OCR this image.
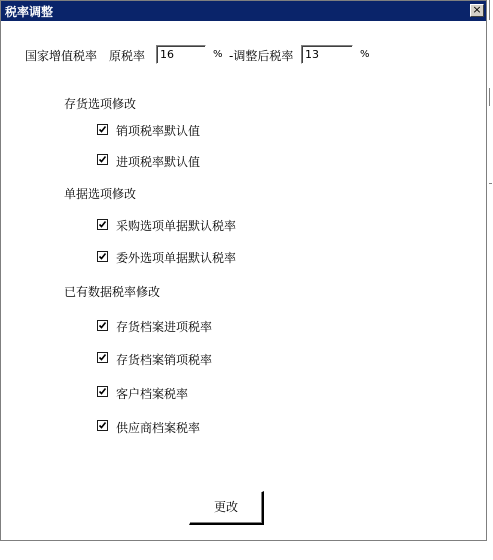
税率调整	×
国家增值税率 原税率
16	% -调整后税率
13	%
存货选项修改
销项税率默认值
进项税率默认值
单据选项修改
采购选项单据默认税率
委外选项单据默认税率
已有数据税率修改
存货档案进项税率
存货档案销项税率
客户档案税率
供应商档案税率
更改
